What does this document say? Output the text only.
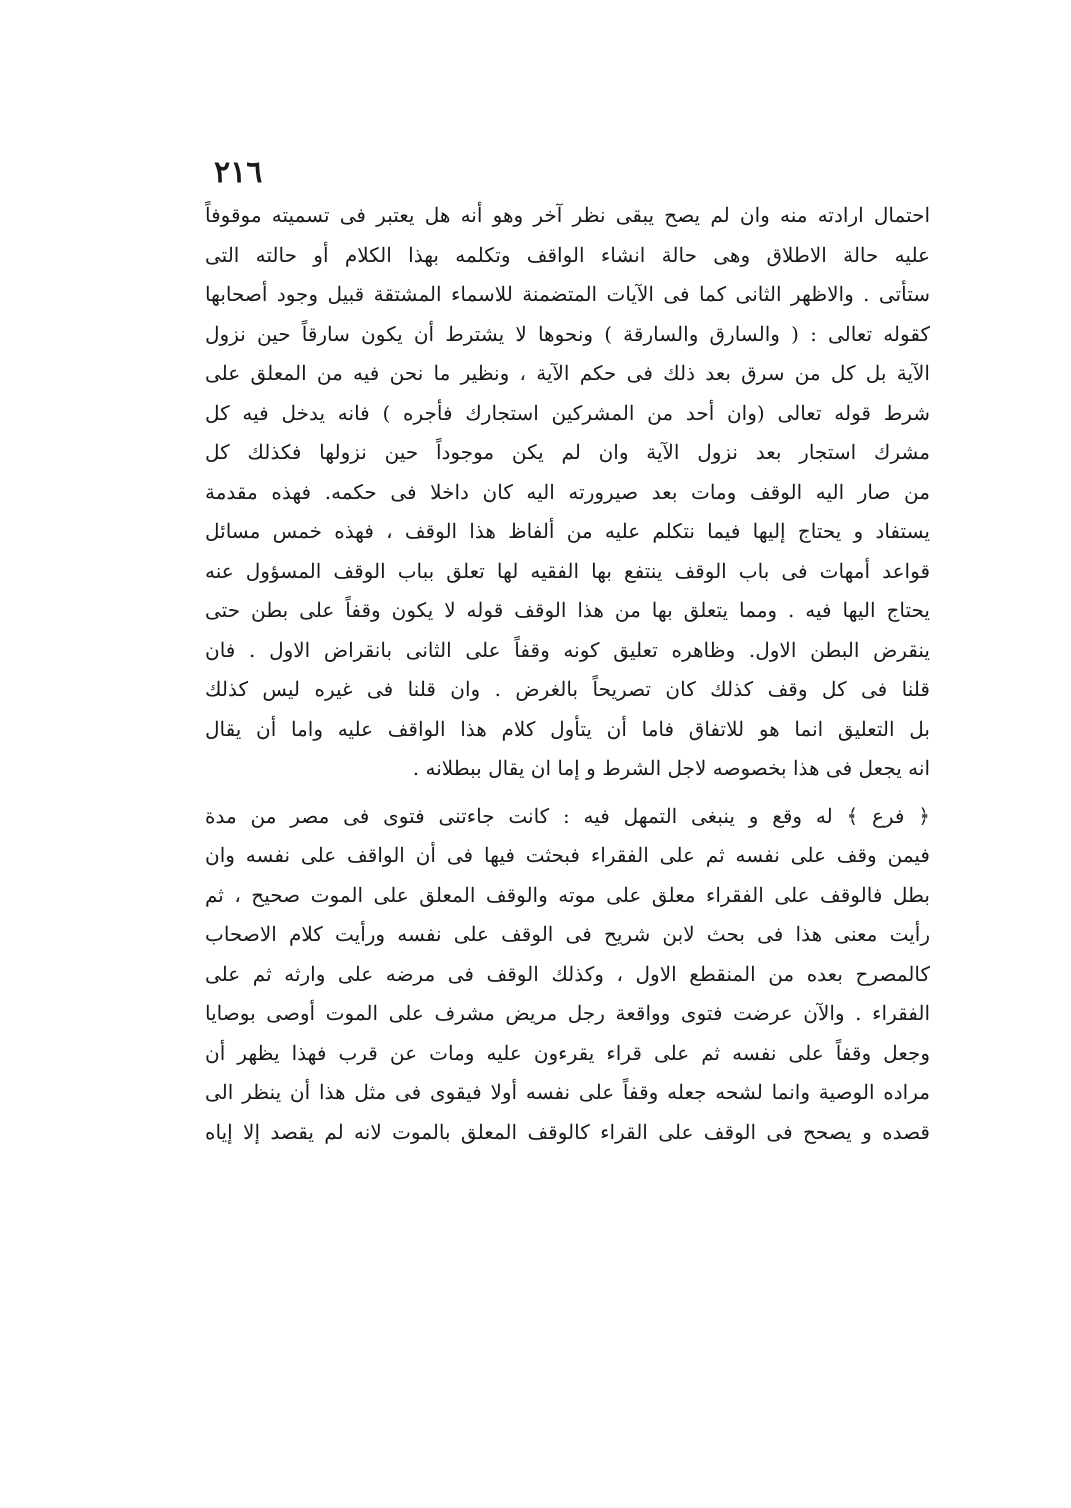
٢١٦
احتمال ارادته منه وان لم يصح يبقى نظر آخر وهو أنه هل يعتبر فى تسميته موقوفاً
عليه حالة الاطلاق وهى حالة انشاء الواقف وتكلمه بهذا الكلام أو حالته التى
ستأتى . والاظهر الثانى كما فى الآيات المتضمنة للاسماء المشتقة قبيل وجود أصحابها
كقوله تعالى : ( والسارق والسارقة ) ونحوها لا يشترط أن يكون سارقاً حين نزول
الآية بل كل من سرق بعد ذلك فى حكم الآية ، ونظير ما نحن فيه من المعلق على
شرط قوله تعالى (وان أحد من المشركين استجارك فأجره ) فانه يدخل فيه كل
مشرك استجار بعد نزول الآية وان لم يكن موجوداً حين نزولها فكذلك كل
من صار اليه الوقف ومات بعد صيرورته اليه كان داخلا فى حكمه. فهذه مقدمة
يستفاد و يحتاج إليها فيما نتكلم عليه من ألفاظ هذا الوقف ، فهذه خمس مسائل
قواعد أمهات فى باب الوقف ينتفع بها الفقيه لها تعلق بباب الوقف المسؤول عنه
يحتاج اليها فيه . ومما يتعلق بها من هذا الوقف قوله لا يكون وقفاً على بطن حتى
ينقرض البطن الاول. وظاهره تعليق كونه وقفاً على الثانى بانقراض الاول . فان
قلنا فى كل وقف كذلك كان تصريحاً بالغرض . وان قلنا فى غيره ليس كذلك
بل التعليق انما هو للاتفاق فاما أن يتأول كلام هذا الواقف عليه واما أن يقال
انه يجعل فى هذا بخصوصه لاجل الشرط و إما ان يقال ببطلانه .
﴿ فرع ﴾ له وقع و ينبغى التمهل فيه : كانت جاءتنى فتوى فى مصر من مدة
فيمن وقف على نفسه ثم على الفقراء فبحثت فيها فى أن الواقف على نفسه وان
بطل فالوقف على الفقراء معلق على موته والوقف المعلق على الموت صحيح ، ثم
رأيت معنى هذا فى بحث لابن شريح فى الوقف على نفسه ورأيت كلام الاصحاب
كالمصرح بعده من المنقطع الاول ، وكذلك الوقف فى مرضه على وارثه ثم على
الفقراء . والآن عرضت فتوى وواقعة رجل مريض مشرف على الموت أوصى بوصايا
وجعل وقفاً على نفسه ثم على قراء يقرءون عليه ومات عن قرب فهذا يظهر أن
مراده الوصية وانما لشحه جعله وقفاً على نفسه أولا فيقوى فى مثل هذا أن ينظر الى
قصده و يصحح فى الوقف على القراء كالوقف المعلق بالموت لانه لم يقصد إلا إياه
